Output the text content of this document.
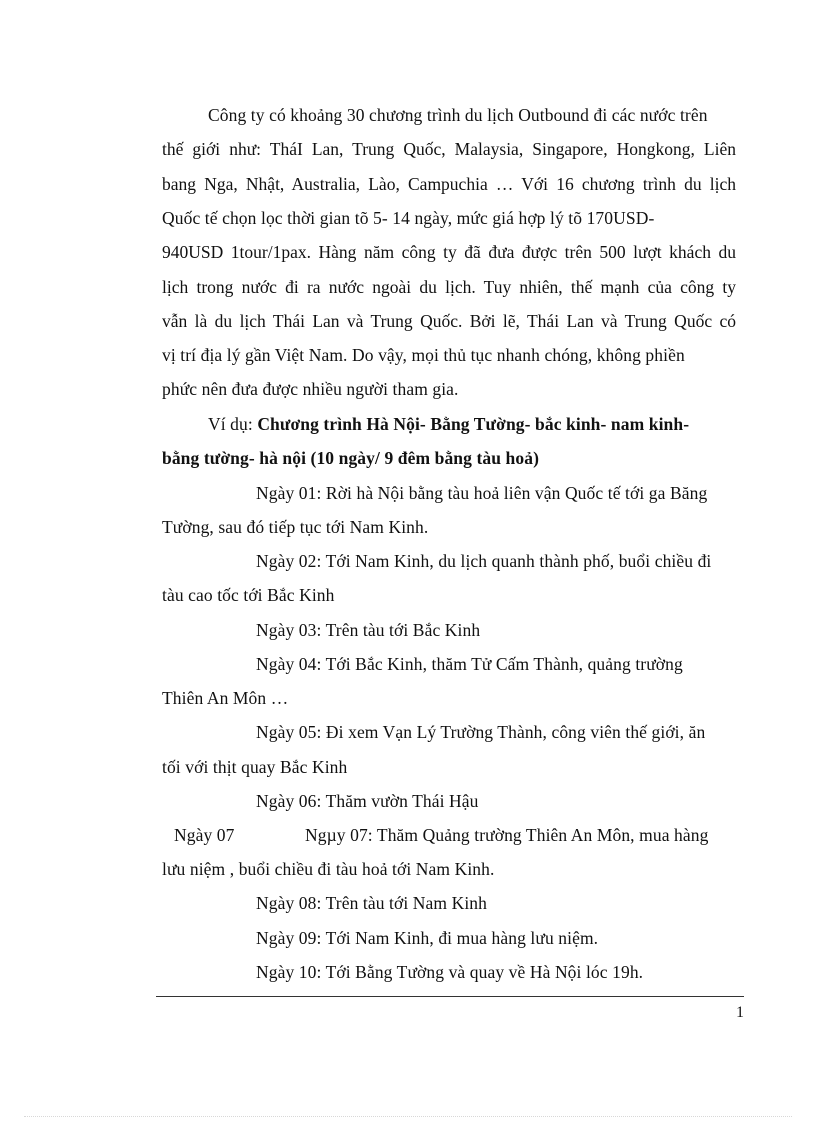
Công ty có khoảng 30 chương trình du lịch Outbound đi các nước trên
thế giới như: TháI Lan, Trung Quốc, Malaysia, Singapore, Hongkong, Liên
bang Nga, Nhật, Australia, Lào, Campuchia … Với 16 chương trình du lịch
Quốc tế chọn lọc thời gian tõ 5- 14 ngày, mức giá hợp lý tõ 170USD-
940USD 1tour/1pax. Hàng năm công ty đã đưa được trên 500 lượt khách du
lịch trong nước đi ra nước ngoài du lịch. Tuy nhiên, thế mạnh của công ty
vẫn là du lịch Thái Lan và Trung Quốc. Bởi lẽ, Thái Lan và Trung Quốc có
vị trí địa lý gần Việt Nam. Do vậy, mọi thủ tục nhanh chóng, không phiền
phức nên đưa được nhiều người tham gia.
Ví dụ: Chương trình Hà Nội- Bằng Tường- bắc kinh- nam kinh-
bằng tường- hà nội (10 ngày/ 9 đêm bằng tàu hoả)
Ngày 01: Rời hà Nội bằng tàu hoả liên vận Quốc tế tới ga Băng
Tường, sau đó tiếp tục tới Nam Kinh.
Ngày 02: Tới Nam Kinh, du lịch quanh thành phố, buổi chiều đi
tàu cao tốc tới Bắc Kinh
Ngày 03: Trên tàu tới Bắc Kinh
Ngày 04: Tới Bắc Kinh, thăm Tử Cấm Thành, quảng trường
Thiên An Môn …
Ngày 05: Đi xem Vạn Lý Trường Thành, công viên thế giới, ăn
tối với thịt quay Bắc Kinh
Ngày 06: Thăm vườn Thái Hậu
Ngày 07	Ngµy 07: Thăm Quảng trường Thiên An Môn, mua hàng
lưu niệm , buổi chiều đi tàu hoả tới Nam Kinh.
Ngày 08: Trên tàu tới Nam Kinh
Ngày 09: Tới Nam Kinh, đi mua hàng lưu niệm.
Ngày 10: Tới Bằng Tường và quay về Hà Nội lóc 19h.
1
